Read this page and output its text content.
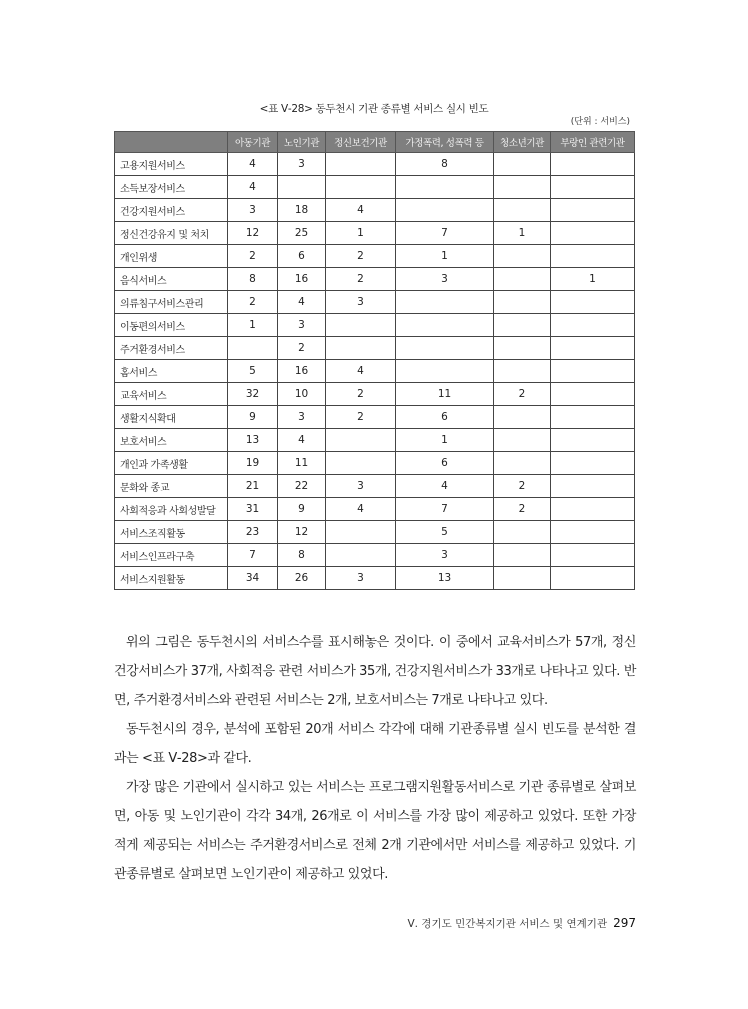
<표 Ⅴ-28> 동두천시 기관 종류별 서비스 실시 빈도
(단위 : 서비스)
	아동기관	노인기관	정신보건기관	가정폭력, 성폭력 등	청소년기관	부랑인 관련기관
고용지원서비스	4	3		8		
소득보장서비스	4					
건강지원서비스	3	18	4			
정신건강유지 및 처치	12	25	1	7	1	
개인위생	2	6	2	1		
음식서비스	8	16	2	3		1
의류침구서비스관리	2	4	3			
이동편의서비스	1	3				
주거환경서비스		2				
홈서비스	5	16	4			
교육서비스	32	10	2	11	2	
생활지식확대	9	3	2	6		
보호서비스	13	4		1		
개인과 가족생활	19	11		6		
문화와 종교	21	22	3	4	2	
사회적응과 사회성발달	31	9	4	7	2	
서비스조직활동	23	12		5		
서비스인프라구축	7	8		3		
서비스지원활동	34	26	3	13		

위의 그림은 동두천시의 서비스수를 표시해놓은 것이다. 이 중에서 교육서비스가 57개, 정신건강서비스가 37개, 사회적응 관련 서비스가 35개, 건강지원서비스가 33개로 나타나고 있다. 반면, 주거환경서비스와 관련된 서비스는 2개, 보호서비스는 7개로 나타나고 있다.

동두천시의 경우, 분석에 포함된 20개 서비스 각각에 대해 기관종류별 실시 빈도를 분석한 결과는 <표 Ⅴ-28>과 같다.

가장 많은 기관에서 실시하고 있는 서비스는 프로그램지원활동서비스로 기관 종류별로 살펴보면, 아동 및 노인기관이 각각 34개, 26개로 이 서비스를 가장 많이 제공하고 있었다. 또한 가장 적게 제공되는 서비스는 주거환경서비스로 전체 2개 기관에서만 서비스를 제공하고 있었다. 기관종류별로 살펴보면 노인기관이 제공하고 있었다.

Ⅴ. 경기도 민간복지기관 서비스 및 연계기관 297
